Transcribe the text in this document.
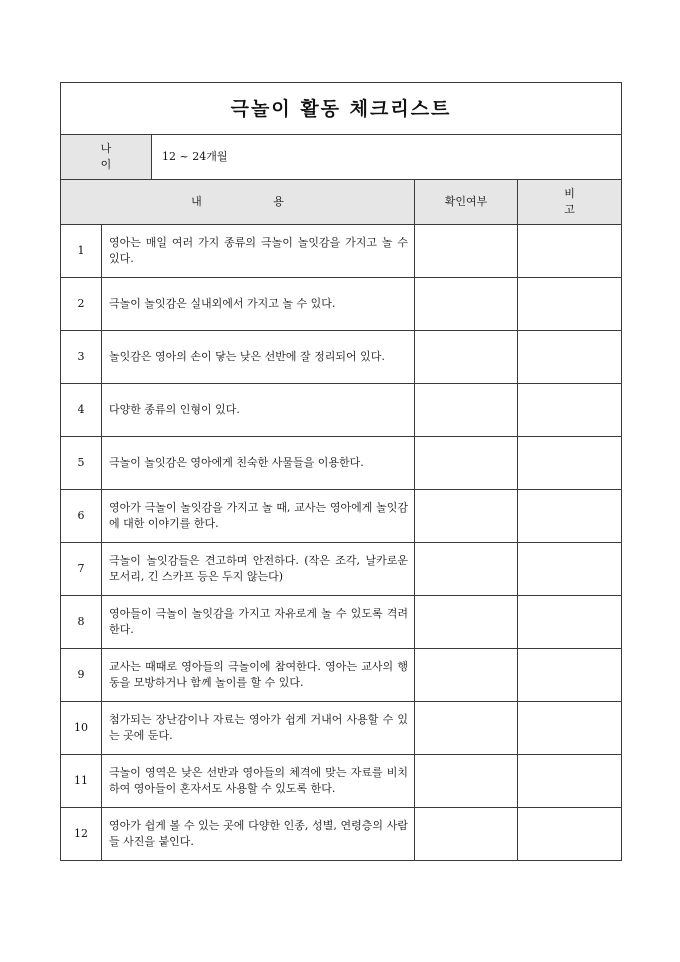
극놀이 활동 체크리스트				
나 이		12 ~ 24개월		
내 용			확인여부	비 고
1	영아는 매일 여러 가지 종류의 극놀이 놀잇감을 가지고 놀 수 있다.			
2	극놀이 놀잇감은 실내외에서 가지고 놀 수 있다.			
3	놀잇감은 영아의 손이 닿는 낮은 선반에 잘 정리되어 있다.			
4	다양한 종류의 인형이 있다.			
5	극놀이 놀잇감은 영아에게 친숙한 사물들을 이용한다.			
6	영아가 극놀이 놀잇감을 가지고 놀 때, 교사는 영아에게 놀잇감에 대한 이야기를 한다.			
7	극놀이 놀잇감들은 견고하며 안전하다. (작은 조각, 날카로운 모서리, 긴 스카프 등은 두지 않는다)			
8	영아들이 극놀이 놀잇감을 가지고 자유로게 놀 수 있도록 격려한다.			
9	교사는 때때로 영아들의 극놀이에 참여한다. 영아는 교사의 행동을 모방하거나 함께 놀이를 할 수 있다.			
10	첨가되는 장난감이나 자료는 영아가 쉽게 거내어 사용할 수 있는 곳에 둔다.			
11	극놀이 영역은 낮은 선반과 영아들의 체격에 맞는 자료를 비치하여 영아들이 혼자서도 사용할 수 있도록 한다.			
12	영아가 쉽게 볼 수 있는 곳에 다양한 인종, 성별, 연령층의 사람들 사진을 붙인다.			
